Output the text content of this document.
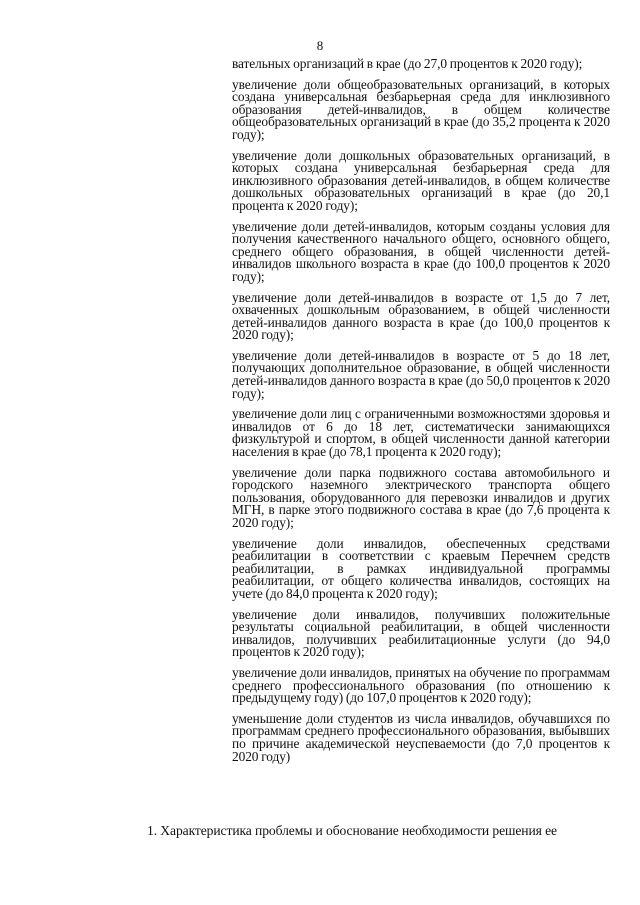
8

вательных организаций в крае (до 27,0 процентов к 2020 году);

увеличение доли общеобразовательных организаций, в которых создана универсальная безбарьерная среда для инклюзивного образования детей-инвалидов, в общем количестве общеобразовательных организаций в крае (до 35,2 процента к 2020 году);

увеличение доли дошкольных образовательных организаций, в которых создана универсальная безбарьерная среда для инклюзивного образования детей-инвалидов, в общем количестве дошкольных образовательных организаций в крае (до 20,1 процента к 2020 году);

увеличение доли детей-инвалидов, которым созданы условия для получения качественного начального общего, основного общего, среднего общего образования, в общей численности детей-инвалидов школьного возраста в крае (до 100,0 процентов к 2020 году);

увеличение доли детей-инвалидов в возрасте от 1,5 до 7 лет, охваченных дошкольным образованием, в общей численности детей-инвалидов данного возраста в крае (до 100,0 процентов к 2020 году);

увеличение доли детей-инвалидов в возрасте от 5 до 18 лет, получающих дополнительное образование, в общей численности детей-инвалидов данного возраста в крае (до 50,0 процентов к 2020 году);

увеличение доли лиц с ограниченными возможностями здоровья и инвалидов от 6 до 18 лет, систематически занимающихся физкультурой и спортом, в общей численности данной категории населения в крае (до 78,1 процента к 2020 году);

увеличение доли парка подвижного состава автомобильного и городского наземного электрического транспорта общего пользования, оборудованного для перевозки инвалидов и других МГН, в парке этого подвижного состава в крае (до 7,6 процента к 2020 году);

увеличение доли инвалидов, обеспеченных средствами реабилитации в соответствии с краевым Перечнем средств реабилитации, в рамках индивидуальной программы реабилитации, от общего количества инвалидов, состоящих на учете (до 84,0 процента к 2020 году);

увеличение доли инвалидов, получивших положительные результаты социальной реабилитации, в общей численности инвалидов, получивших реабилитационные услуги (до 94,0 процентов к 2020 году);

увеличение доли инвалидов, принятых на обучение по программам среднего профессионального образования (по отношению к предыдущему году) (до 107,0 процентов к 2020 году);

уменьшение доли студентов из числа инвалидов, обучавшихся по программам среднего профессионального образования, выбывших по причине академической неуспеваемости (до 7,0 процентов к 2020 году)

1. Характеристика проблемы и обоснование необходимости решения ее
